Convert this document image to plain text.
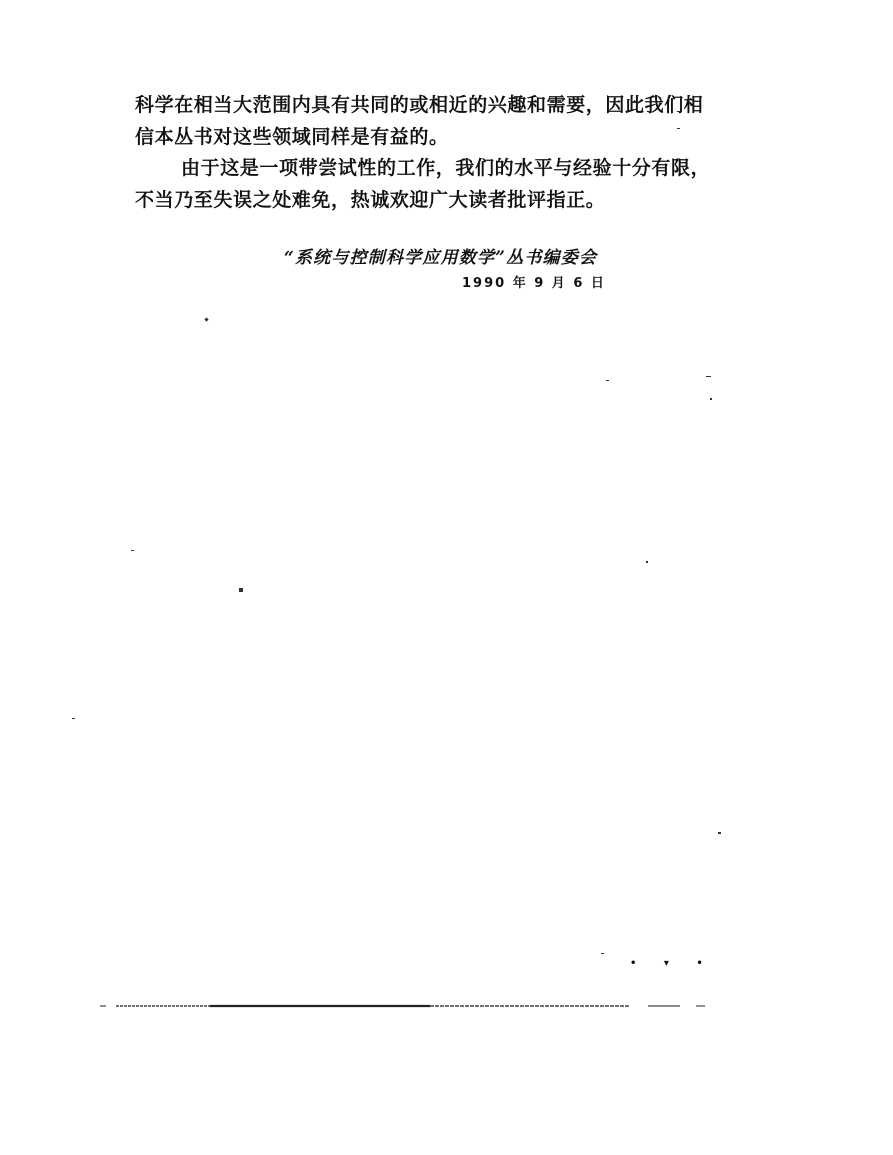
科学在相当大范围内具有共同的或相近的兴趣和需要，因此我们相信本丛书对这些领域同样是有益的。

由于这是一项带尝试性的工作，我们的水平与经验十分有限，不当乃至失误之处难免，热诚欢迎广大读者批评指正。

“系统与控制科学应用数学”丛书编委会
1990 年 9 月 6 日
• ▾ •
